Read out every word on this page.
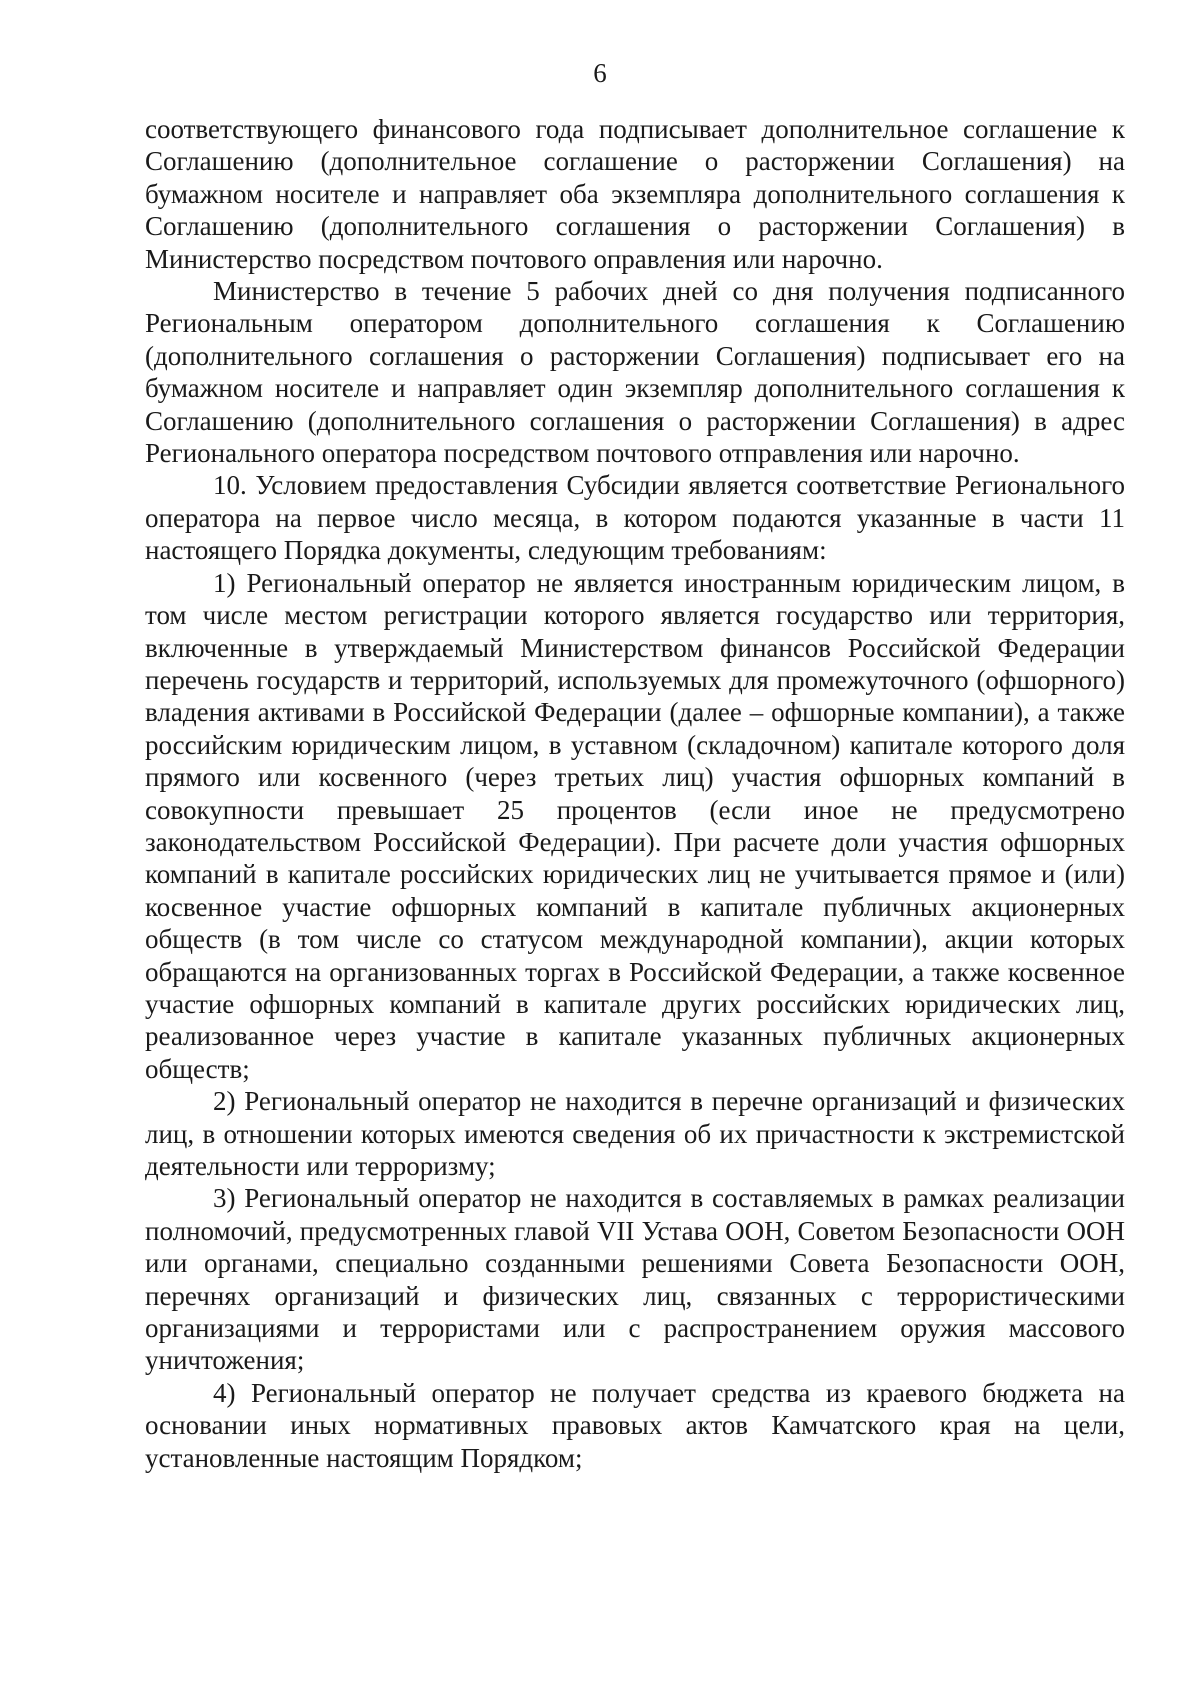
6

соответствующего финансового года подписывает дополнительное соглашение к Соглашению (дополнительное соглашение о расторжении Соглашения) на бумажном носителе и направляет оба экземпляра дополнительного соглашения к Соглашению (дополнительного соглашения о расторжении Соглашения) в Министерство посредством почтового оправления или нарочно.

Министерство в течение 5 рабочих дней со дня получения подписанного Региональным оператором дополнительного соглашения к Соглашению (дополнительного соглашения о расторжении Соглашения) подписывает его на бумажном носителе и направляет один экземпляр дополнительного соглашения к Соглашению (дополнительного соглашения о расторжении Соглашения) в адрес Регионального оператора посредством почтового отправления или нарочно.

10. Условием предоставления Субсидии является соответствие Регионального оператора на первое число месяца, в котором подаются указанные в части 11 настоящего Порядка документы, следующим требованиям:

1) Региональный оператор не является иностранным юридическим лицом, в том числе местом регистрации которого является государство или территория, включенные в утверждаемый Министерством финансов Российской Федерации перечень государств и территорий, используемых для промежуточного (офшорного) владения активами в Российской Федерации (далее – офшорные компании), а также российским юридическим лицом, в уставном (складочном) капитале которого доля прямого или косвенного (через третьих лиц) участия офшорных компаний в совокупности превышает 25 процентов (если иное не предусмотрено законодательством Российской Федерации). При расчете доли участия офшорных компаний в капитале российских юридических лиц не учитывается прямое и (или) косвенное участие офшорных компаний в капитале публичных акционерных обществ (в том числе со статусом международной компании), акции которых обращаются на организованных торгах в Российской Федерации, а также косвенное участие офшорных компаний в капитале других российских юридических лиц, реализованное через участие в капитале указанных публичных акционерных обществ;

2) Региональный оператор не находится в перечне организаций и физических лиц, в отношении которых имеются сведения об их причастности к экстремистской деятельности или терроризму;

3) Региональный оператор не находится в составляемых в рамках реализации полномочий, предусмотренных главой VII Устава ООН, Советом Безопасности ООН или органами, специально созданными решениями Совета Безопасности ООН, перечнях организаций и физических лиц, связанных с террористическими организациями и террористами или с распространением оружия массового уничтожения;

4) Региональный оператор не получает средства из краевого бюджета на основании иных нормативных правовых актов Камчатского края на цели, установленные настоящим Порядком;
